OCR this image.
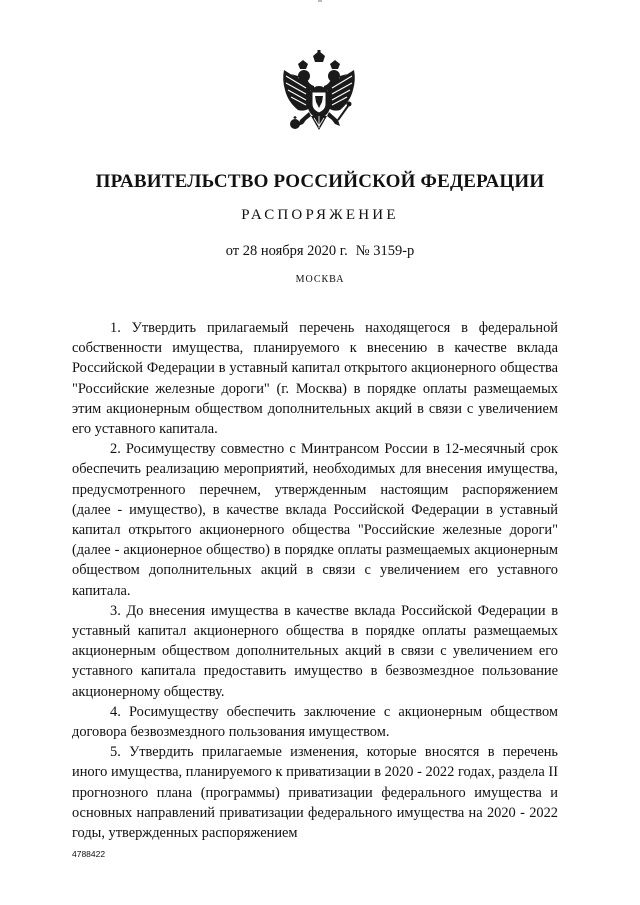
ПРАВИТЕЛЬСТВО РОССИЙСКОЙ ФЕДЕРАЦИИ
РАСПОРЯЖЕНИЕ
от 28 ноября 2020 г. № 3159-р
МОСКВА

1. Утвердить прилагаемый перечень находящегося в федеральной собственности имущества, планируемого к внесению в качестве вклада Российской Федерации в уставный капитал открытого акционерного общества "Российские железные дороги" (г. Москва) в порядке оплаты размещаемых этим акционерным обществом дополнительных акций в связи с увеличением его уставного капитала.

2. Росимуществу совместно с Минтрансом России в 12-месячный срок обеспечить реализацию мероприятий, необходимых для внесения имущества, предусмотренного перечнем, утвержденным настоящим распоряжением (далее - имущество), в качестве вклада Российской Федерации в уставный капитал открытого акционерного общества "Российские железные дороги" (далее - акционерное общество) в порядке оплаты размещаемых акционерным обществом дополнительных акций в связи с увеличением его уставного капитала.

3. До внесения имущества в качестве вклада Российской Федерации в уставный капитал акционерного общества в порядке оплаты размещаемых акционерным обществом дополнительных акций в связи с увеличением его уставного капитала предоставить имущество в безвозмездное пользование акционерному обществу.

4. Росимуществу обеспечить заключение с акционерным обществом договора безвозмездного пользования имуществом.

5. Утвердить прилагаемые изменения, которые вносятся в перечень иного имущества, планируемого к приватизации в 2020 - 2022 годах, раздела II прогнозного плана (программы) приватизации федерального имущества и основных направлений приватизации федерального имущества на 2020 - 2022 годы, утвержденных распоряжением

4788422
